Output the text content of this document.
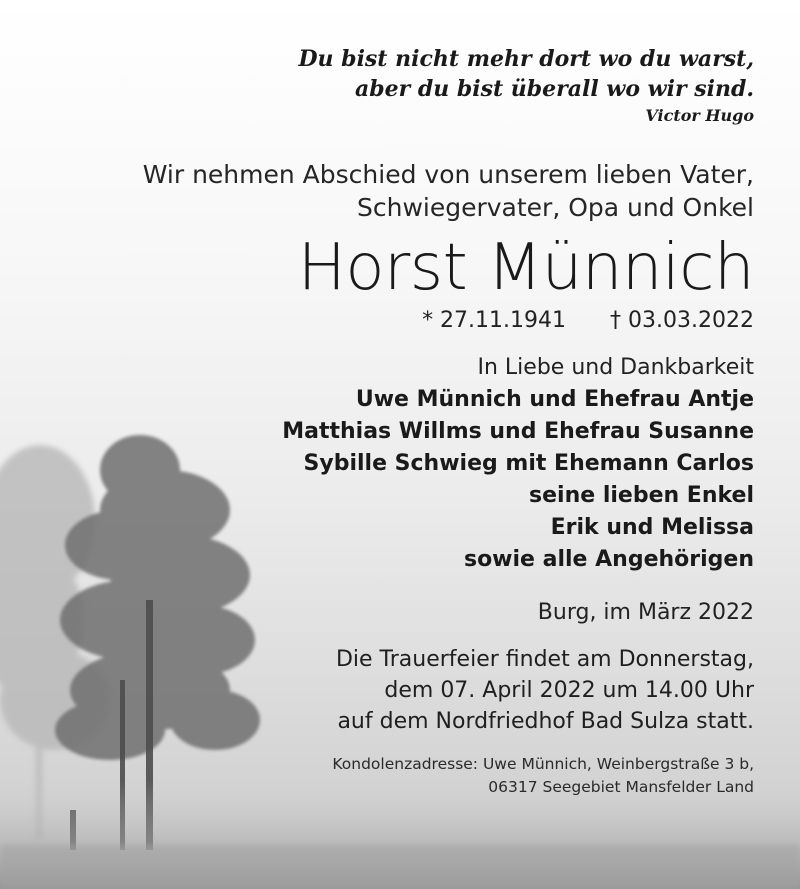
Du bist nicht mehr dort wo du warst,
aber du bist überall wo wir sind.
Victor Hugo
Wir nehmen Abschied von unserem lieben Vater,
Schwiegervater, Opa und Onkel
Horst Münnich
* 27.11.1941 † 03.03.2022
In Liebe und Dankbarkeit
Uwe Münnich und Ehefrau Antje
Matthias Willms und Ehefrau Susanne
Sybille Schwieg mit Ehemann Carlos
seine lieben Enkel
Erik und Melissa
sowie alle Angehörigen
Burg, im März 2022
Die Trauerfeier findet am Donnerstag,
dem 07. April 2022 um 14.00 Uhr
auf dem Nordfriedhof Bad Sulza statt.
Kondolenzadresse: Uwe Münnich, Weinbergstraße 3 b,
06317 Seegebiet Mansfelder Land
